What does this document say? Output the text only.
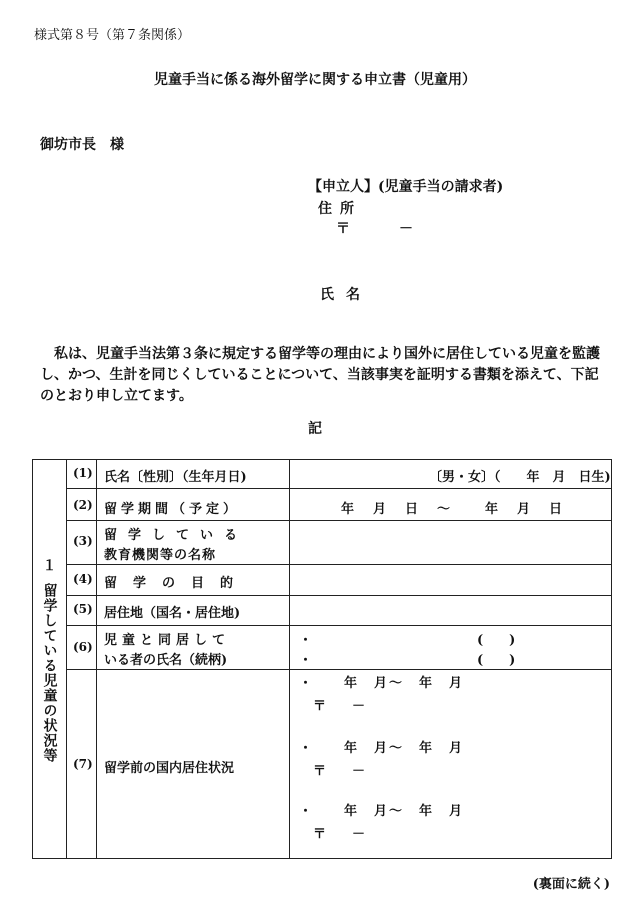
様式第８号（第７条関係）
児童手当に係る海外留学に関する申立書（児童用）
御坊市長　様
【申立人】(児童手当の請求者)
住所
〒	－
氏名
私は、児童手当法第３条に規定する留学等の理由により国外に居住している児童を監護し、かつ、生計を同じくしていることについて、当該事実を証明する書類を添えて、下記のとおり申し立てます。
記
１
留学している児童の状況等
(1) 氏名〔性別〕（生年月日)	〔男・女〕（　　年　月　日生)
(2) 留学期間（予定）	年　月　日　～　　年　月　日
(3) 留学している
教育機関等の名称
(4) 留学の目的
(5) 居住地（国名・居住地)
(6) 児童と同居して
いる者の氏名（続柄)
・	(　　)
・	(　　)
(7) 留学前の国内居住状況
・　　年　月～　年　月
〒　　－
・　　年　月～　年　月
〒　　－
・　　年　月～　年　月
〒　　－
(裏面に続く)
